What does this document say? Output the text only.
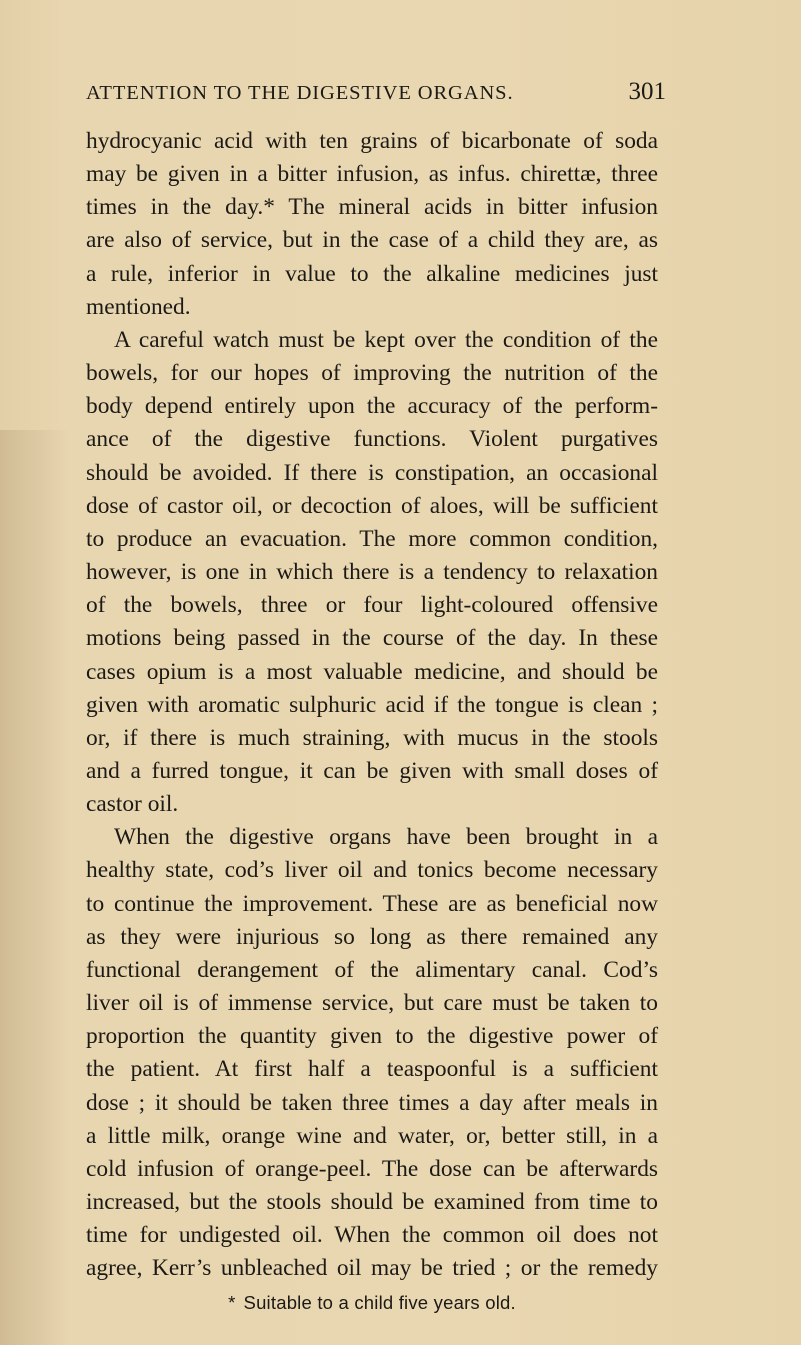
ATTENTION TO THE DIGESTIVE ORGANS.	301
hydrocyanic acid with ten grains of bicarbonate of soda
may be given in a bitter infusion, as infus. chirettæ, three
times in the day.* The mineral acids in bitter infusion
are also of service, but in the case of a child they are, as
a rule, inferior in value to the alkaline medicines just
mentioned.
A careful watch must be kept over the condition of the
bowels, for our hopes of improving the nutrition of the
body depend entirely upon the accuracy of the perform-
ance of the digestive functions. Violent purgatives
should be avoided. If there is constipation, an occasional
dose of castor oil, or decoction of aloes, will be sufficient
to produce an evacuation. The more common condition,
however, is one in which there is a tendency to relaxation
of the bowels, three or four light-coloured offensive
motions being passed in the course of the day. In these
cases opium is a most valuable medicine, and should be
given with aromatic sulphuric acid if the tongue is clean ;
or, if there is much straining, with mucus in the stools
and a furred tongue, it can be given with small doses of
castor oil.
When the digestive organs have been brought in a
healthy state, cod’s liver oil and tonics become necessary
to continue the improvement. These are as beneficial now
as they were injurious so long as there remained any
functional derangement of the alimentary canal. Cod’s
liver oil is of immense service, but care must be taken to
proportion the quantity given to the digestive power of
the patient. At first half a teaspoonful is a sufficient
dose ; it should be taken three times a day after meals in
a little milk, orange wine and water, or, better still, in a
cold infusion of orange-peel. The dose can be afterwards
increased, but the stools should be examined from time to
time for undigested oil. When the common oil does not
agree, Kerr’s unbleached oil may be tried ; or the remedy
* Suitable to a child five years old.
